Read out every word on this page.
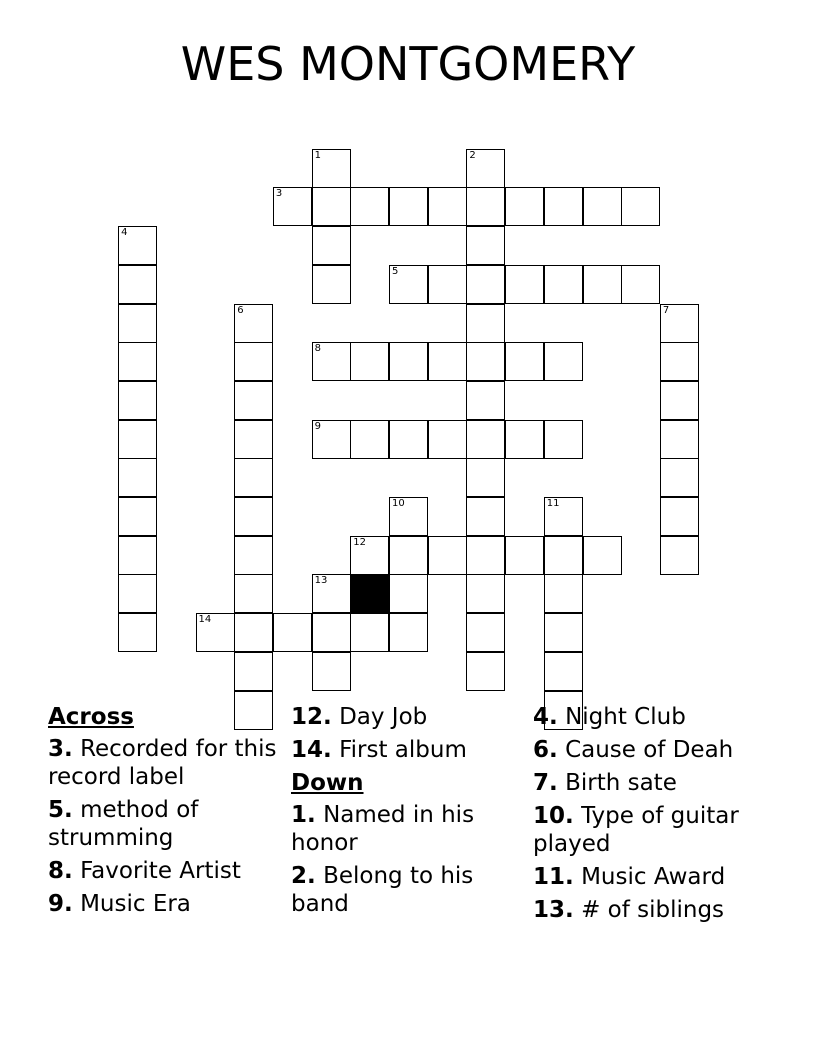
WES MONTGOMERY
1	2
3
4
5
6	7
8
9
10	11
12
13
14
Across
3. Recorded for this record label
5. method of strumming
8. Favorite Artist
9. Music Era
12. Day Job
14. First album
Down
1. Named in his honor
2. Belong to his band
4. Night Club
6. Cause of Deah
7. Birth sate
10. Type of guitar played
11. Music Award
13. # of siblings
